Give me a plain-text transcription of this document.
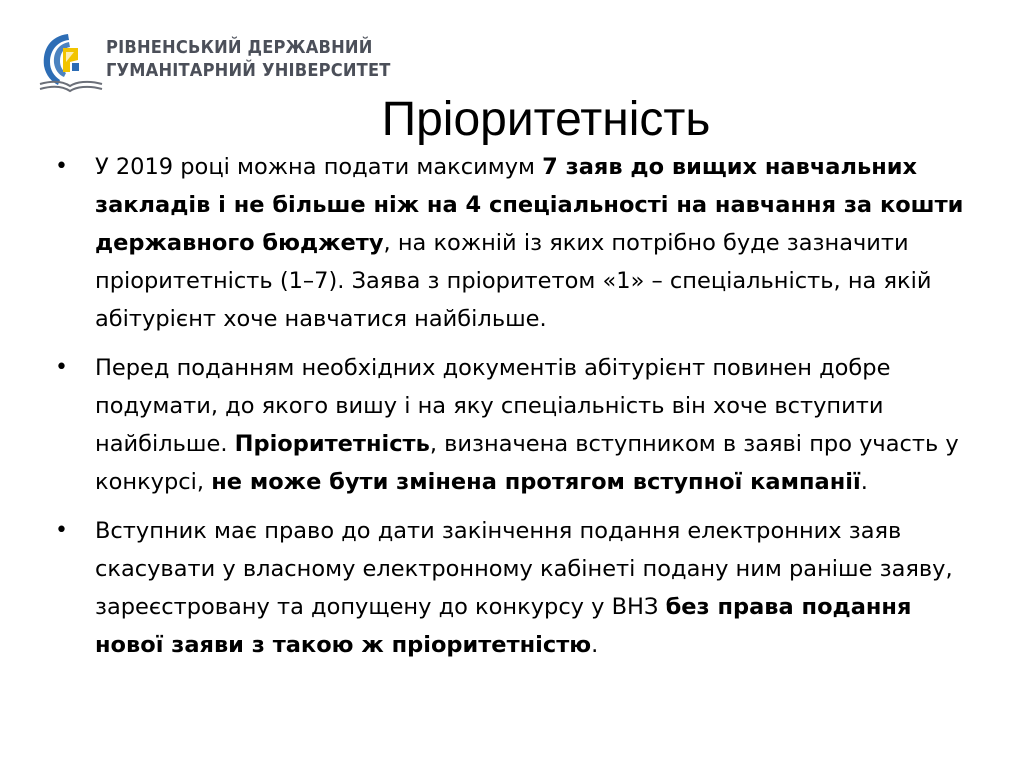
РІВНЕНСЬКИЙ ДЕРЖАВНИЙ
ГУМАНІТАРНИЙ УНІВЕРСИТЕТ
Пріоритетність
• У 2019 році можна подати максимум 7 заяв до вищих навчальних закладів і не більше ніж на 4 спеціальності на навчання за кошти державного бюджету, на кожній із яких потрібно буде зазначити пріоритетність (1–7). Заява з пріоритетом «1» – спеціальність, на якій абітурієнт хоче навчатися найбільше.
• Перед поданням необхідних документів абітурієнт повинен добре подумати, до якого вишу і на яку спеціальність він хоче вступити найбільше. Пріоритетність, визначена вступником в заяві про участь у конкурсі, не може бути змінена протягом вступної кампанії.
• Вступник має право до дати закінчення подання електронних заяв скасувати у власному електронному кабінеті подану ним раніше заяву, зареєстровану та допущену до конкурсу у ВНЗ без права подання нової заяви з такою ж пріоритетністю.
